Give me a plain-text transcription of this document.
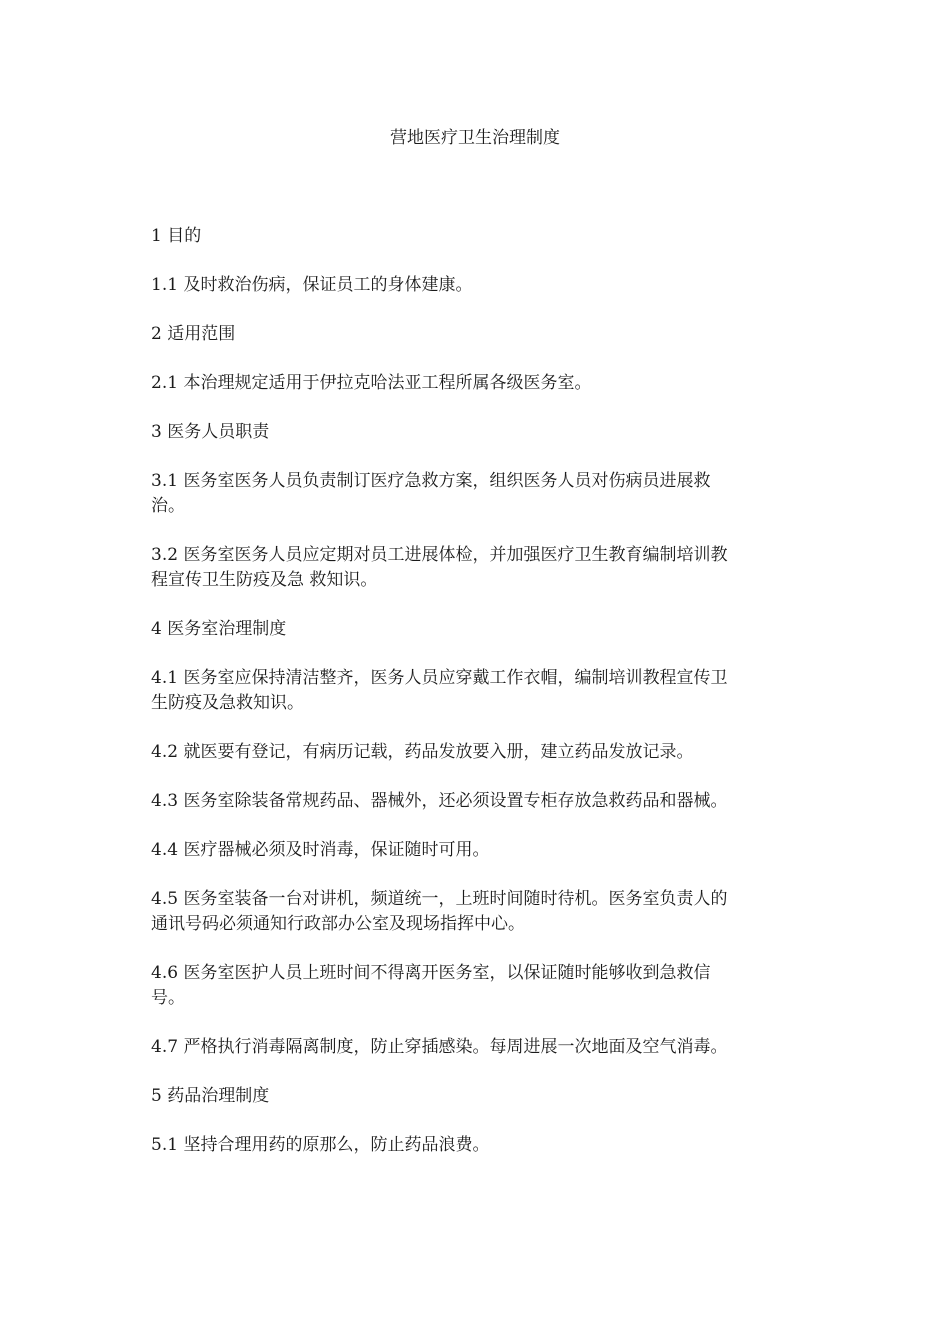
营地医疗卫生治理制度

1 目的

1.1 及时救治伤病，保证员工的身体建康。

2 适用范围

2.1 本治理规定适用于伊拉克哈法亚工程所属各级医务室。

3 医务人员职责

3.1 医务室医务人员负责制订医疗急救方案，组织医务人员对伤病员进展救
治。

3.2 医务室医务人员应定期对员工进展体检，并加强医疗卫生教育编制培训教
程宣传卫生防疫及急 救知识。

4 医务室治理制度

4.1 医务室应保持清洁整齐，医务人员应穿戴工作衣帽，编制培训教程宣传卫
生防疫及急救知识。

4.2 就医要有登记，有病历记载，药品发放要入册，建立药品发放记录。

4.3 医务室除装备常规药品、器械外，还必须设置专柜存放急救药品和器械。

4.4 医疗器械必须及时消毒，保证随时可用。

4.5 医务室装备一台对讲机，频道统一，上班时间随时待机。医务室负责人的
通讯号码必须通知行政部办公室及现场指挥中心。

4.6 医务室医护人员上班时间不得离开医务室，以保证随时能够收到急救信
号。

4.7 严格执行消毒隔离制度，防止穿插感染。每周进展一次地面及空气消毒。

5 药品治理制度

5.1 坚持合理用药的原那么，防止药品浪费。
